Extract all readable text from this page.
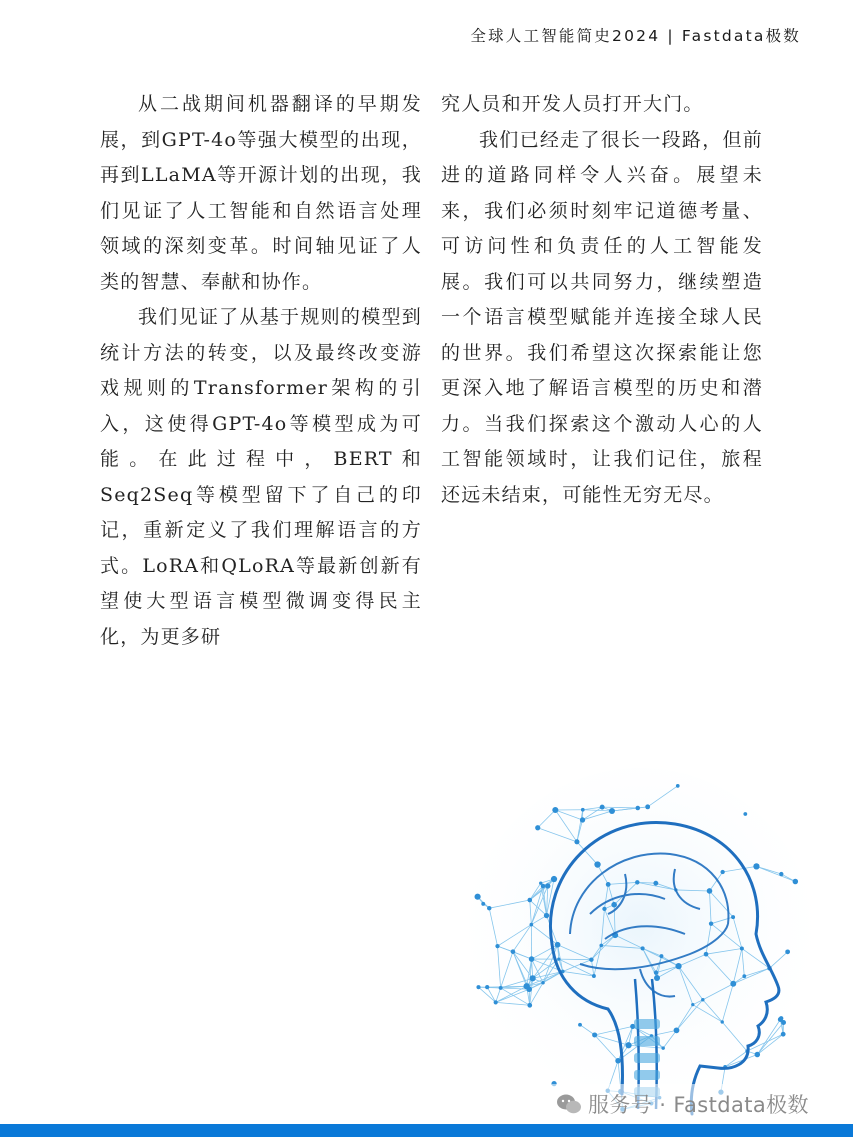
全球人工智能简史2024 | Fastdata极数

从二战期间机器翻译的早期发展，到GPT-4o等强大模型的出现，再到LLaMA等开源计划的出现，我们见证了人工智能和自然语言处理领域的深刻变革。时间轴见证了人类的智慧、奉献和协作。

我们见证了从基于规则的模型到统计方法的转变，以及最终改变游戏规则的Transformer架构的引入，这使得GPT-4o等模型成为可能。在此过程中，BERT和Seq2Seq等模型留下了自己的印记，重新定义了我们理解语言的方式。LoRA和QLoRA等最新创新有望使大型语言模型微调变得民主化，为更多研

究人员和开发人员打开大门。

我们已经走了很长一段路，但前进的道路同样令人兴奋。展望未来，我们必须时刻牢记道德考量、可访问性和负责任的人工智能发展。我们可以共同努力，继续塑造一个语言模型赋能并连接全球人民的世界。我们希望这次探索能让您更深入地了解语言模型的历史和潜力。当我们探索这个激动人心的人工智能领域时，让我们记住，旅程还远未结束，可能性无穷无尽。

服务号 · Fastdata极数
